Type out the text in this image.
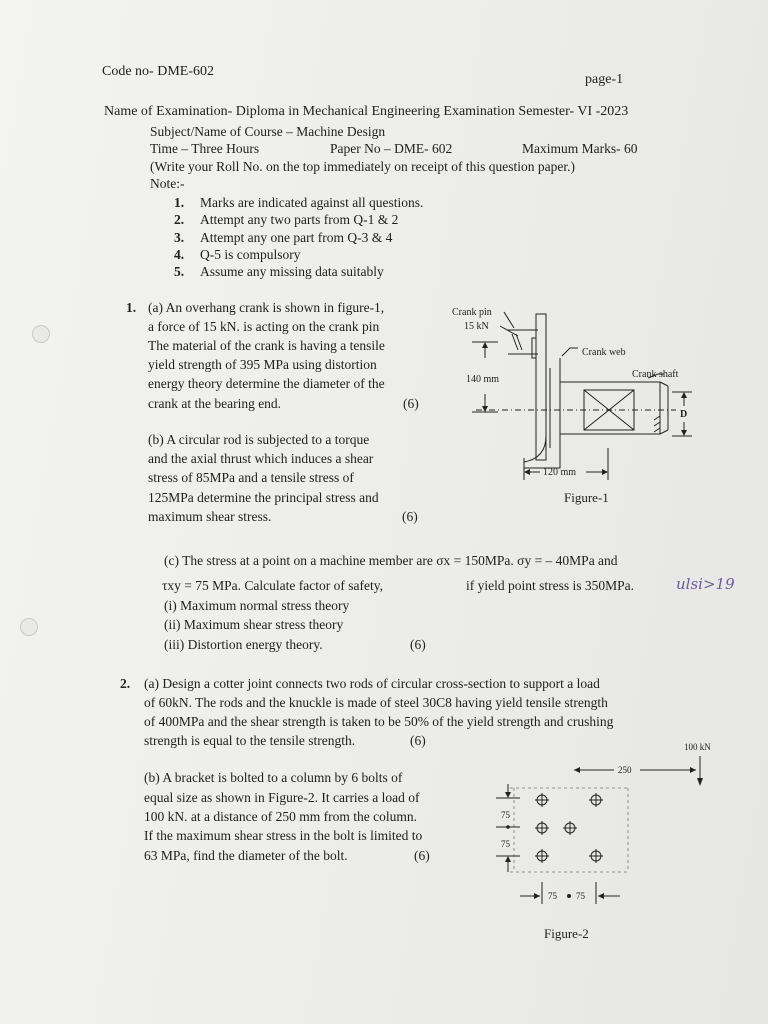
Code no- DME-602
page-1
Name of Examination- Diploma in Mechanical Engineering Examination Semester- VI -2023
Subject/Name of Course – Machine Design
Time – Three Hours	Paper No – DME- 602	Maximum Marks- 60
(Write your Roll No. on the top immediately on receipt of this question paper.)
Note:-
1. Marks are indicated against all questions.
2. Attempt any two parts from Q-1 & 2
3. Attempt any one part from Q-3 & 4
4. Q-5 is compulsory
5. Assume any missing data suitably
1. (a) An overhang crank is shown in figure-1,
a force of 15 kN. is acting on the crank pin
The material of the crank is having a tensile
yield strength of 395 MPa using distortion
energy theory determine the diameter of the
crank at the bearing end.	(6)
(b) A circular rod is subjected to a torque
and the axial thrust which induces a shear
stress of 85MPa and a tensile stress of
125MPa determine the principal stress and
maximum shear stress.	(6)
Crank pin
15 kN
Crank web
Crank shaft
140 mm
120 mm
D
Figure-1
(c) The stress at a point on a machine member are σx = 150MPa. σy = – 40MPa and
τxy = 75 MPa. Calculate factor of safety,	if yield point stress is 350MPa.	ulsi>19
(i) Maximum normal stress theory
(ii) Maximum shear stress theory
(iii) Distortion energy theory.	(6)
2. (a) Design a cotter joint connects two rods of circular cross-section to support a load
of 60kN. The rods and the knuckle is made of steel 30C8 having yield tensile strength
of 400MPa and the shear strength is taken to be 50% of the yield strength and crushing
strength is equal to the tensile strength.	(6)
(b) A bracket is bolted to a column by 6 bolts of
equal size as shown in Figure-2. It carries a load of
100 kN. at a distance of 250 mm from the column.
If the maximum shear stress in the bolt is limited to
63 MPa, find the diameter of the bolt.	(6)
100 kN
250
75
75
75 75
Figure-2
